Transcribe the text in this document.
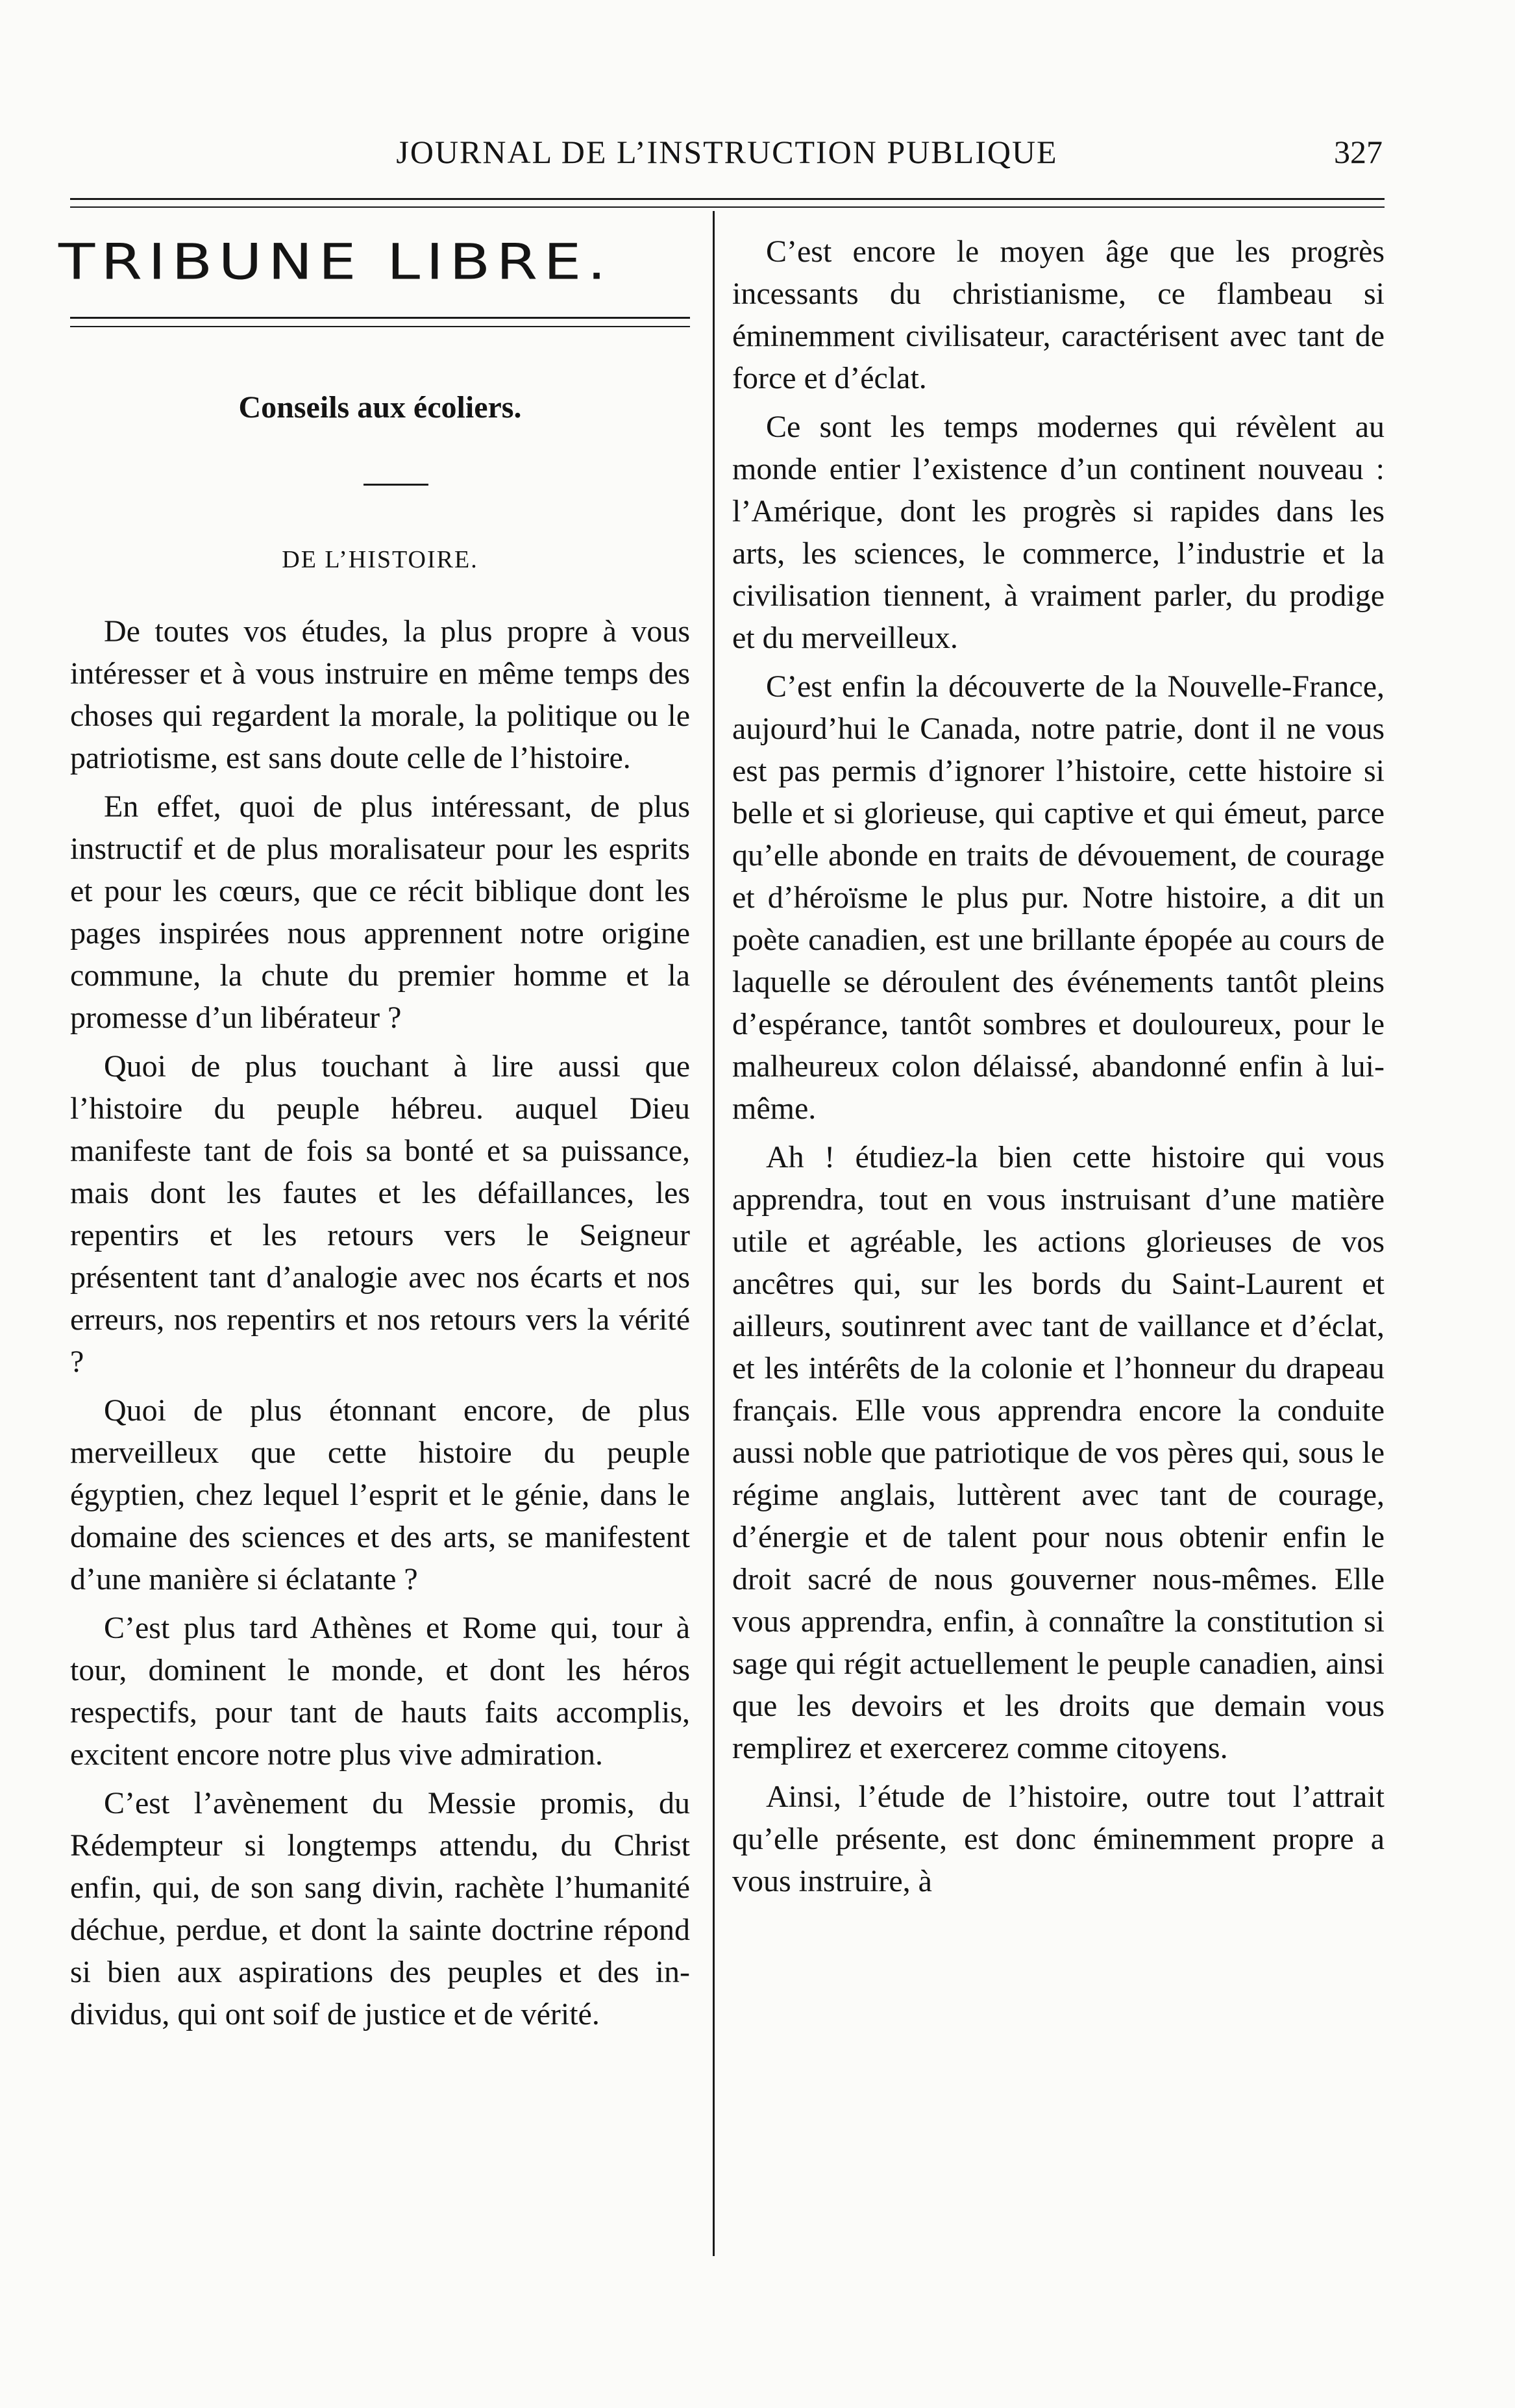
JOURNAL DE L’INSTRUCTION PUBLIQUE	327
TRIBUNE LIBRE.
Conseils aux écoliers.
DE L’HISTOIRE.

De toutes vos études, la plus propre à vous intéresser et à vous instruire en même temps des choses qui regardent la morale, la politique ou le patriotisme, est sans doute celle de l’histoire.

En effet, quoi de plus intéressant, de plus instructif et de plus moralisateur pour les esprits et pour les cœurs, que ce récit biblique dont les pages inspirées nous apprennent notre origine commune, la chute du premier homme et la promesse d’un libérateur ?

Quoi de plus touchant à lire aussi que l’histoire du peuple hébreu. auquel Dieu manifeste tant de fois sa bonté et sa puissance, mais dont les fautes et les défaillances, les repentirs et les retours vers le Seigneur présentent tant d’analogie avec nos écarts et nos erreurs, nos repentirs et nos retours vers la vérité ?

Quoi de plus étonnant encore, de plus merveilleux que cette histoire du peuple égyptien, chez lequel l’esprit et le génie, dans le domaine des sciences et des arts, se manifestent d’une manière si éclatante ?

C’est plus tard Athènes et Rome qui, tour à tour, dominent le monde, et dont les héros respectifs, pour tant de hauts faits accomplis, excitent encore notre plus vive admiration.

C’est l’avènement du Messie promis, du Rédempteur si longtemps attendu, du Christ enfin, qui, de son sang divin, rachète l’humanité déchue, perdue, et dont la sainte doctrine répond si bien aux aspirations des peuples et des individus, qui ont soif de justice et de vérité.

C’est encore le moyen âge que les progrès incessants du christianisme, ce flambeau si éminemment civilisateur, caractérisent avec tant de force et d’éclat.

Ce sont les temps modernes qui révèlent au monde entier l’existence d’un continent nouveau : l’Amérique, dont les progrès si rapides dans les arts, les sciences, le commerce, l’industrie et la civilisation tiennent, à vraiment parler, du prodige et du merveilleux.

C’est enfin la découverte de la Nouvelle-France, aujourd’hui le Canada, notre patrie, dont il ne vous est pas permis d’ignorer l’histoire, cette histoire si belle et si glorieuse, qui captive et qui émeut, parce qu’elle abonde en traits de dévouement, de courage et d’héroïsme le plus pur. Notre histoire, a dit un poète canadien, est une brillante épopée au cours de laquelle se déroulent des événements tantôt pleins d’espérance, tantôt sombres et douloureux, pour le malheureux colon délaissé, abandonné enfin à lui-même.

Ah ! étudiez-la bien cette histoire qui vous apprendra, tout en vous instruisant d’une matière utile et agréable, les actions glorieuses de vos ancêtres qui, sur les bords du Saint-Laurent et ailleurs, soutinrent avec tant de vaillance et d’éclat, et les intérêts de la colonie et l’honneur du drapeau français. Elle vous apprendra encore la conduite aussi noble que patriotique de vos pères qui, sous le régime anglais, luttèrent avec tant de courage, d’énergie et de talent pour nous obtenir enfin le droit sacré de nous gouverner nous-mêmes. Elle vous apprendra, enfin, à connaître la constitution si sage qui régit actuellement le peuple canadien, ainsi que les devoirs et les droits que demain vous remplirez et exercerez comme citoyens.

Ainsi, l’étude de l’histoire, outre tout l’attrait qu’elle présente, est donc éminemment propre a vous instruire, à
